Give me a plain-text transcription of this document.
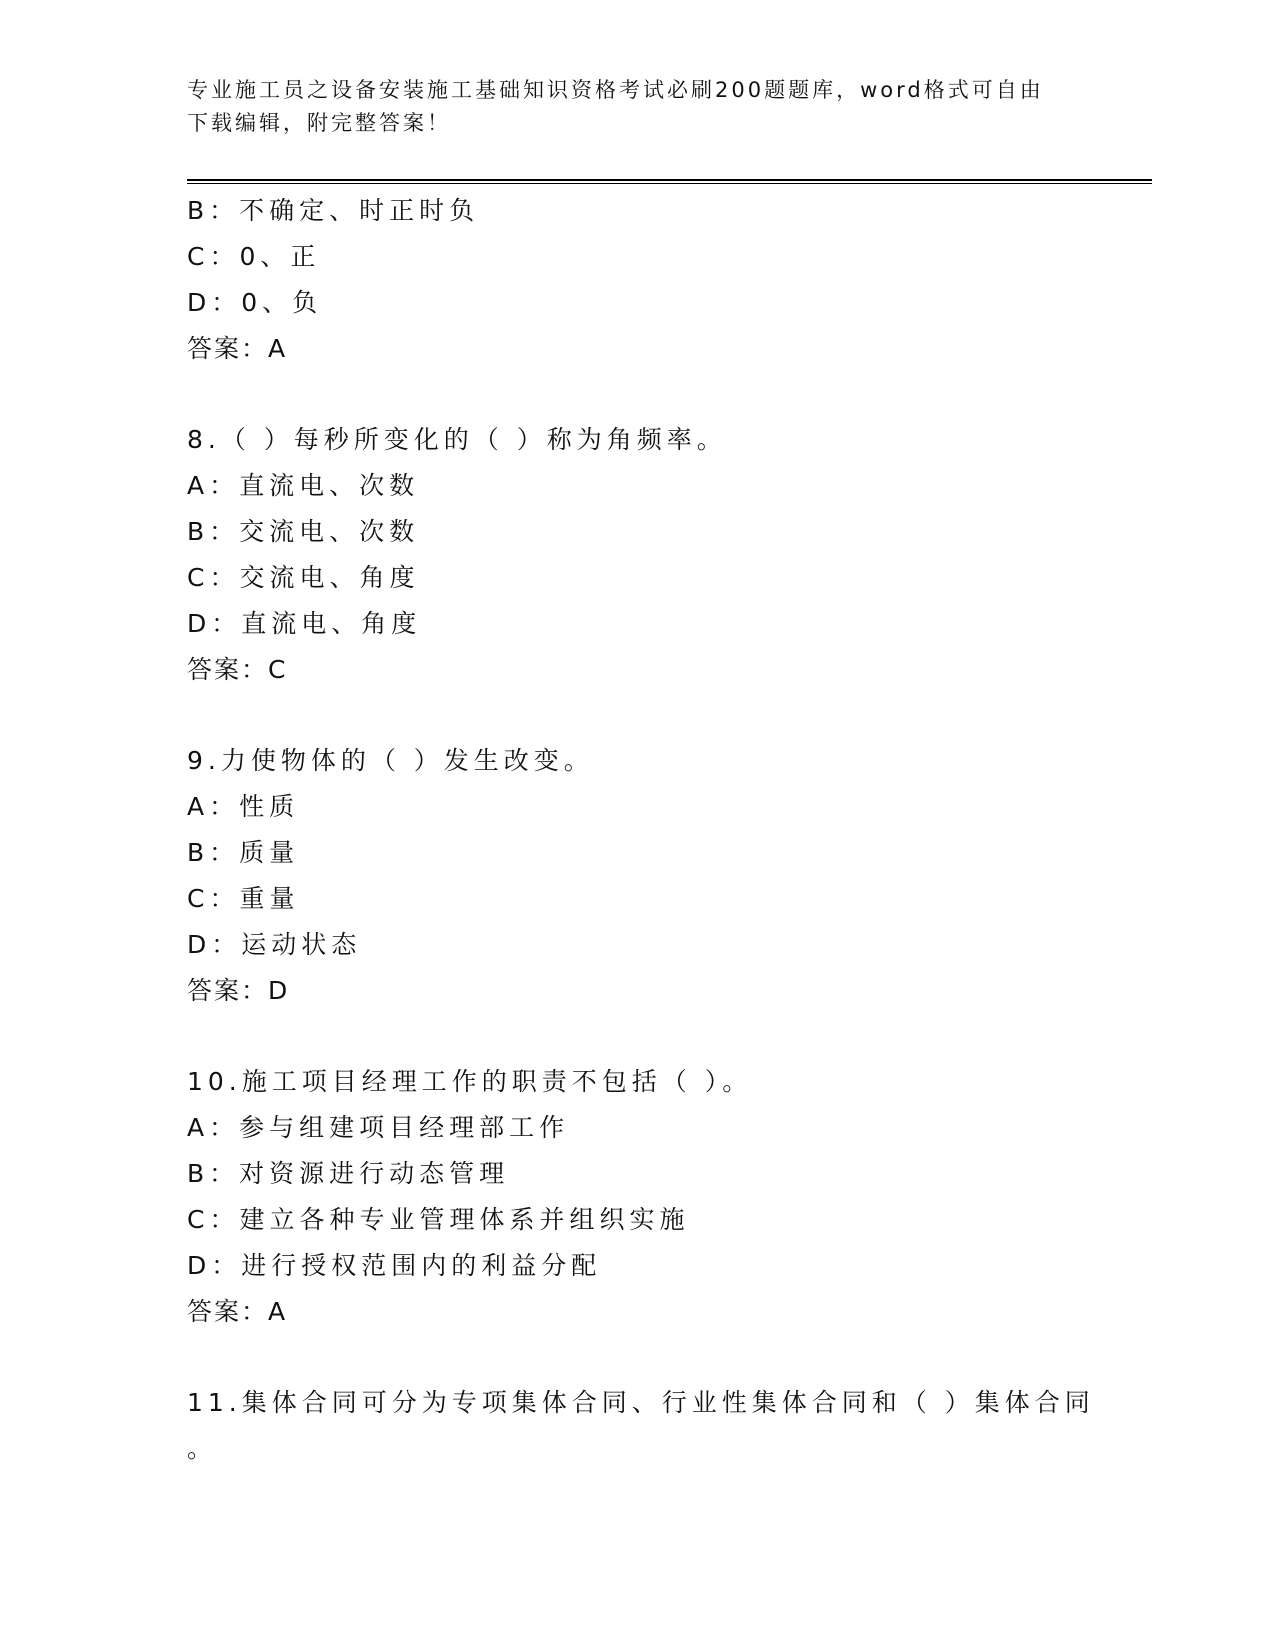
专业施工员之设备安装施工基础知识资格考试必刷200题题库，word格式可自由
下载编辑，附完整答案！
B：不确定、时正时负
C：0、正
D：0、负
答案：A
8.（ ）每秒所变化的（ ）称为角频率。
A：直流电、次数
B：交流电、次数
C：交流电、角度
D：直流电、角度
答案：C
9.力使物体的（ ）发生改变。
A：性质
B：质量
C：重量
D：运动状态
答案：D
10.施工项目经理工作的职责不包括（ ）。
A：参与组建项目经理部工作
B：对资源进行动态管理
C：建立各种专业管理体系并组织实施
D：进行授权范围内的利益分配
答案：A
11.集体合同可分为专项集体合同、行业性集体合同和（ ）集体合同
。
